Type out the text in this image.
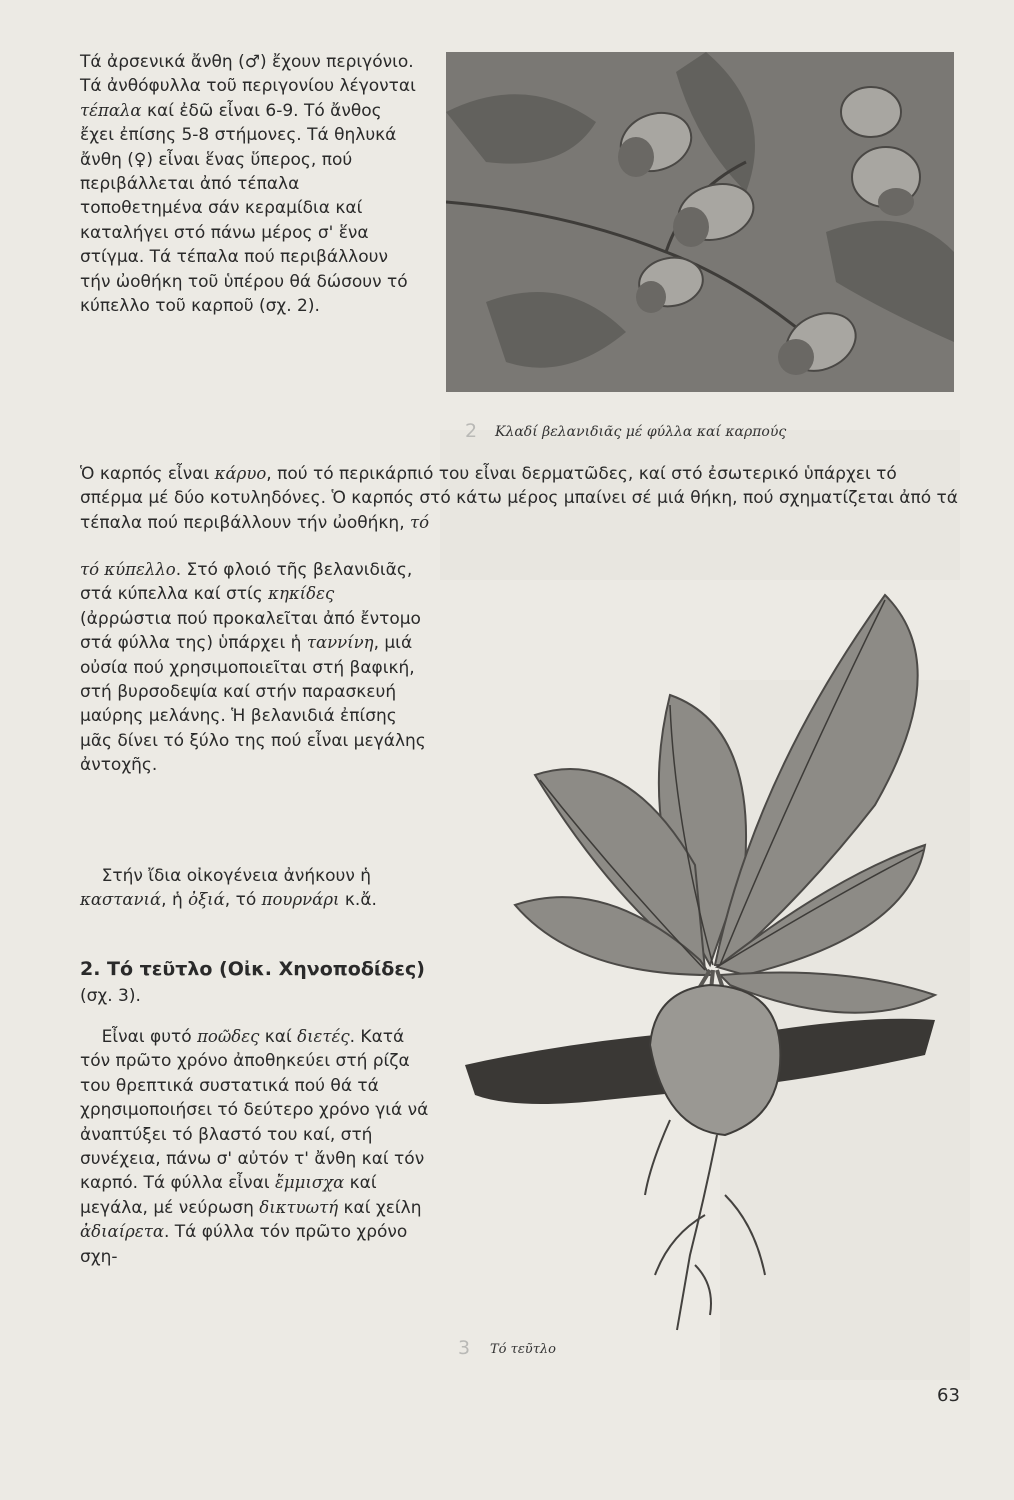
Τά ἀρσενικά ἄνθη (♂) ἔχουν περιγόνιο. Τά ἀνθόφυλλα τοῦ περιγονίου λέγονται τέπαλα καί ἐδῶ εἶναι 6-9. Τό ἄνθος ἔχει ἐπίσης 5-8 στήμονες. Τά θηλυκά ἄνθη (♀) εἶναι ἕνας ὕπερος, πού περιβάλλεται ἀπό τέπαλα τοποθετημένα σάν κεραμίδια καί καταλήγει στό πάνω μέρος σ' ἕνα στίγμα. Τά τέπαλα πού περιβάλλουν τήν ὠοθήκη τοῦ ὑπέρου θά δώσουν τό κύπελλο τοῦ καρποῦ (σχ. 2).

2 Κλαδί βελανιδιᾶς μέ φύλλα καί καρπούς

Ὁ καρπός εἶναι κάρυο, πού τό περικάρπιό του εἶναι δερματῶδες, καί στό ἐσωτερικό ὑπάρχει τό σπέρμα μέ δύο κοτυληδόνες. Ὁ καρπός στό κάτω μέρος μπαίνει σέ μιά θήκη, πού σχηματίζεται ἀπό τά τέπαλα πού περιβάλλουν τήν ὠοθήκη, τό

τό κύπελλο. Στό φλοιό τῆς βελανιδιᾶς, στά κύπελλα καί στίς κηκίδες (ἀρρώστια πού προκαλεῖται ἀπό ἔντομο στά φύλλα της) ὑπάρχει ἡ ταννίνη, μιά οὐσία πού χρησιμοποιεῖται στή βαφική, στή βυρσοδεψία καί στήν παρασκευή μαύρης μελάνης. Ἡ βελανιδιά ἐπίσης μᾶς δίνει τό ξύλο της πού εἶναι μεγάλης ἀντοχῆς.

Στήν ἴδια οἰκογένεια ἀνήκουν ἡ καστανιά, ἡ ὀξιά, τό πουρνάρι κ.ἄ.

2. Τό τεῦτλο (Οἰκ. Χηνοποδίδες) (σχ. 3).

Εἶναι φυτό ποῶδες καί διετές. Κατά τόν πρῶτο χρόνο ἀποθηκεύει στή ρίζα του θρεπτικά συστατικά πού θά τά χρησιμοποιήσει τό δεύτερο χρόνο γιά νά ἀναπτύξει τό βλαστό του καί, στή συνέχεια, πάνω σ' αὐτόν τ' ἄνθη καί τόν καρπό. Τά φύλλα εἶναι ἔμμισχα καί μεγάλα, μέ νεύρωση δικτυωτή καί χείλη ἀδιαίρετα. Τά φύλλα τόν πρῶτο χρόνο σχη-

3 Τό τεῦτλο
63
